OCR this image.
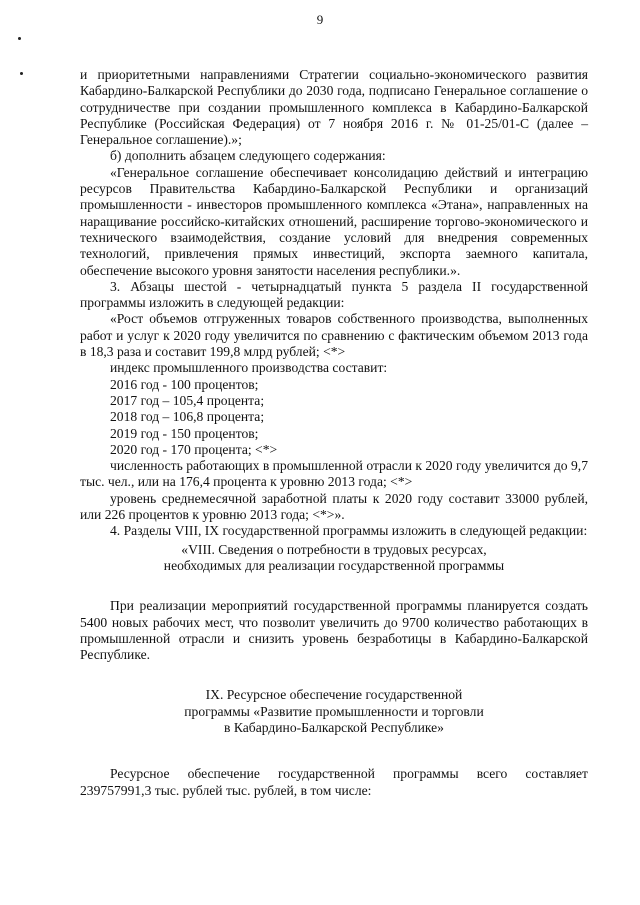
9

и приоритетными направлениями Стратегии социально-экономического развития Кабардино-Балкарской Республики до 2030 года, подписано Генеральное соглашение о сотрудничестве при создании промышленного комплекса в Кабардино-Балкарской Республике (Российская Федерация) от 7 ноября 2016 г. № 01-25/01-С (далее – Генеральное соглашение).»;

б) дополнить абзацем следующего содержания:

«Генеральное соглашение обеспечивает консолидацию действий и интеграцию ресурсов Правительства Кабардино-Балкарской Республики и организаций промышленности - инвесторов промышленного комплекса «Этана», направленных на наращивание российско-китайских отношений, расширение торгово-экономического и технического взаимодействия, создание условий для внедрения современных технологий, привлечения прямых инвестиций, экспорта заемного капитала, обеспечение высокого уровня занятости населения республики.».

3. Абзацы шестой - четырнадцатый пункта 5 раздела II государственной программы изложить в следующей редакции:

«Рост объемов отгруженных товаров собственного производства, выполненных работ и услуг к 2020 году увеличится по сравнению с фактическим объемом 2013 года в 18,3 раза и составит 199,8 млрд рублей; <*>

индекс промышленного производства составит:

2016 год - 100 процентов;

2017 год – 105,4 процента;

2018 год – 106,8 процента;

2019 год - 150 процентов;

2020 год - 170 процента; <*>

численность работающих в промышленной отрасли к 2020 году увеличится до 9,7 тыс. чел., или на 176,4 процента к уровню 2013 года; <*>

уровень среднемесячной заработной платы к 2020 году составит 33000 рублей, или 226 процентов к уровню 2013 года; <*>».

4. Разделы VIII, IX государственной программы изложить в следующей редакции:

«VIII. Сведения о потребности в трудовых ресурсах,

необходимых для реализации государственной программы

При реализации мероприятий государственной программы планируется создать 5400 новых рабочих мест, что позволит увеличить до 9700 количество работающих в промышленной отрасли и снизить уровень безработицы в Кабардино-Балкарской Республике.

IX. Ресурсное обеспечение государственной

программы «Развитие промышленности и торговли

в Кабардино-Балкарской Республике»

Ресурсное обеспечение государственной программы всего составляет 239757991,3 тыс. рублей тыс. рублей, в том числе:
